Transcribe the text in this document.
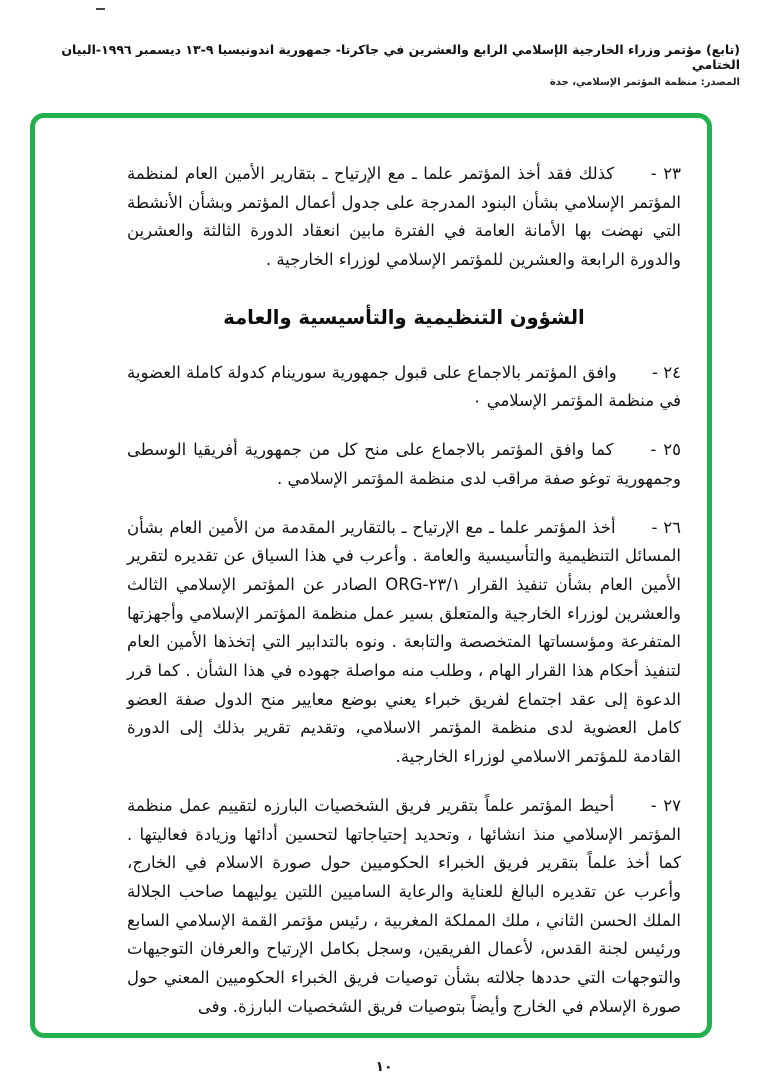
(تابع) مؤتمر وزراء الخارجية الإسلامي الرابع والعشرين في جاكرتا- جمهورية اندونيسيا ٩-١٣ ديسمبر ١٩٩٦-البيان الختامي
المصدر: منظمة المؤتمر الإسلامي، جدة

٢٣ - كذلك فقد أخذ المؤتمر علما ـ مع الإرتياح ـ بتقارير الأمين العام لمنظمة المؤتمر الإسلامي بشأن البنود المدرجة على جدول أعمال المؤتمر وبشأن الأنشطة التي نهضت بها الأمانة العامة في الفترة مابين انعقاد الدورة الثالثة والعشرين والدورة الرابعة والعشرين للمؤتمر الإسلامي لوزراء الخارجية .

الشؤون التنظيمية والتأسيسية والعامة

٢٤ - وافق المؤتمر بالاجماع على قبول جمهورية سورينام كدولة كاملة العضوية في منظمة المؤتمر الإسلامي ٠

٢٥ - كما وافق المؤتمر بالاجماع على منح كل من جمهورية أفريقيا الوسطى وجمهورية توغو صفة مراقب لدى منظمة المؤتمر الإسلامي .

٢٦ - أخذ المؤتمر علما ـ مع الإرتياح ـ بالتقارير المقدمة من الأمين العام بشأن المسائل التنظيمية والتأسيسية والعامة . وأعرب في هذا السياق عن تقديره لتقرير الأمين العام بشأن تنفيذ القرار ٢٣/١-ORG الصادر عن المؤتمر الإسلامي الثالث والعشرين لوزراء الخارجية والمتعلق بسير عمل منظمة المؤتمر الإسلامي وأجهزتها المتفرعة ومؤسساتها المتخصصة والتابعة . ونوه بالتدابير التي إتخذها الأمين العام لتنفيذ أحكام هذا القرار الهام ، وطلب منه مواصلة جهوده في هذا الشأن . كما قرر الدعوة إلى عقد اجتماع لفريق خبراء يعني بوضع معايير منح الدول صفة العضو كامل العضوية لدى منظمة المؤتمر الاسلامي، وتقديم تقرير بذلك إلى الدورة القادمة للمؤتمر الاسلامي لوزراء الخارجية.

٢٧ - أحيط المؤتمر علماً بتقرير فريق الشخصيات البارزه لتقييم عمل منظمة المؤتمر الإسلامي منذ انشائها ، وتحديد إحتياجاتها لتحسين أدائها وزيادة فعاليتها . كما أخذ علماً بتقرير فريق الخبراء الحكوميين حول صورة الاسلام في الخارج، وأعرب عن تقديره البالغ للعناية والرعاية الساميين اللتين يوليهما صاحب الجلالة الملك الحسن الثاني ، ملك المملكة المغربية ، رئيس مؤتمر القمة الإسلامي السابع ورئيس لجنة القدس، لأعمال الفريقين، وسجل بكامل الإرتياح والعرفان التوجيهات والتوجهات التي حددها جلالته بشأن توصيات فريق الخبراء الحكوميين المعني حول صورة الإسلام في الخارج وأيضاً بتوصيات فريق الشخصيات البارزة. وفى

١٠
